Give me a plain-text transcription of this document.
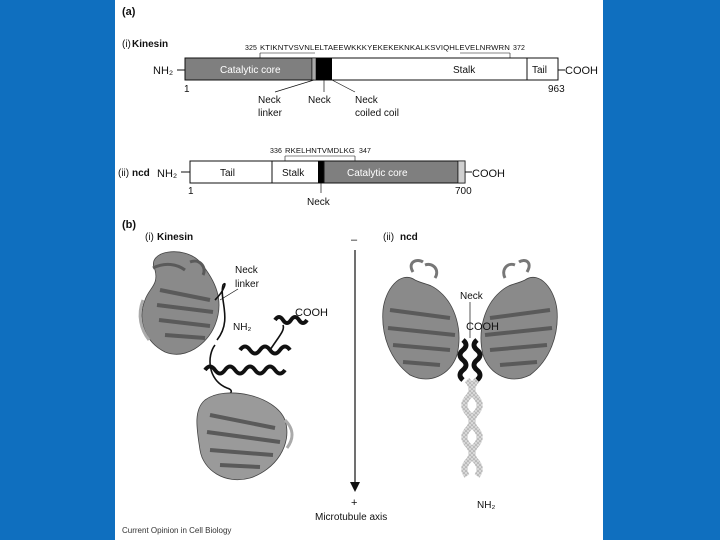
(a)
(i) Kinesin	325 KTIKNTVSVNLELTAEEWKKKYEKEKEKNKALKSVIQHLEVELNRWRN 372
Catalytic core	Stalk	Tail
NH₂	COOH
1	963
Neck
linker
Neck Neck
coiled coil
336 RKELHNTVMDLKG 347
(ii) ncd NH₂	Tail	Stalk	Catalytic core	COOH
1	700
Neck
(b)
(i) Kinesin	(ii) ncd
Neck
linker
COOH
NH₂
–
+
Microtubule axis
Neck
COOH
NH₂
Current Opinion in Cell Biology
